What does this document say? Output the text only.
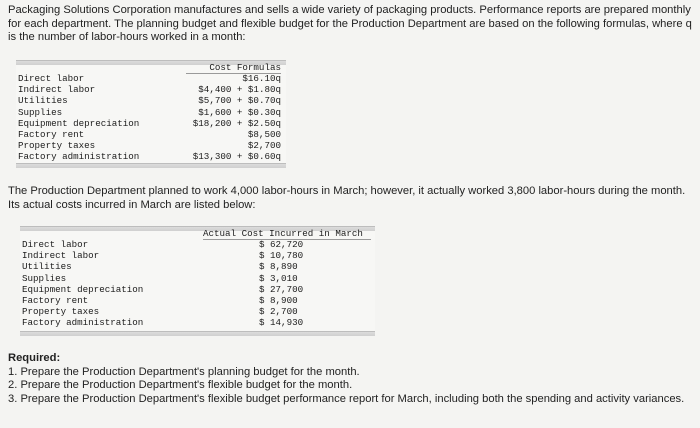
Packaging Solutions Corporation manufactures and sells a wide variety of packaging products. Performance reports are prepared monthly for each department. The planning budget and flexible budget for the Production Department are based on the following formulas, where q is the number of labor-hours worked in a month:
Cost Formulas
Direct labor
Indirect labor
Utilities
Supplies
Equipment depreciation
Factory rent
Property taxes
Factory administration
$16.10q
$4,400 + $1.80q
$5,700 + $0.70q
$1,600 + $0.30q
$18,200 + $2.50q
$8,500
$2,700
$13,300 + $0.60q
The Production Department planned to work 4,000 labor-hours in March; however, it actually worked 3,800 labor-hours during the month. Its actual costs incurred in March are listed below:
Actual Cost Incurred in March
Direct labor
Indirect labor
Utilities
Supplies
Equipment depreciation
Factory rent
Property taxes
Factory administration
$ 62,720
$ 10,780
$ 8,890
$ 3,010
$ 27,700
$ 8,900
$ 2,700
$ 14,930
Required:
1. Prepare the Production Department's planning budget for the month.
2. Prepare the Production Department's flexible budget for the month.
3. Prepare the Production Department's flexible budget performance report for March, including both the spending and activity variances.
